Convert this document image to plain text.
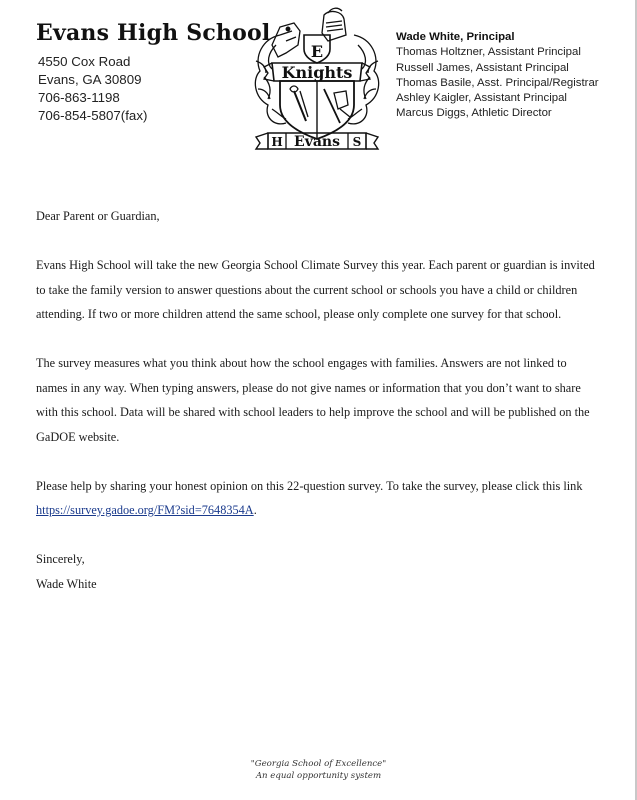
Evans High School
4550 Cox Road
Evans, GA 30809
706-863-1198
706-854-5807(fax)
E
Knights
H Evans S
Wade White, Principal
Thomas Holtzner, Assistant Principal
Russell James, Assistant Principal
Thomas Basile, Asst. Principal/Registrar
Ashley Kaigler, Assistant Principal
Marcus Diggs, Athletic Director

Dear Parent or Guardian,

Evans High School will take the new Georgia School Climate Survey this year. Each parent or guardian is invited to take the family version to answer questions about the current school or schools you have a child or children attending. If two or more children attend the same school, please only complete one survey for that school.

The survey measures what you think about how the school engages with families. Answers are not linked to names in any way. When typing answers, please do not give names or information that you don’t want to share with this school. Data will be shared with school leaders to help improve the school and will be published on the GaDOE website.

Please help by sharing your honest opinion on this 22-question survey. To take the survey, please click this link https://survey.gadoe.org/FM?sid=7648354A.

Sincerely,

Wade White

"Georgia School of Excellence"
An equal opportunity system
